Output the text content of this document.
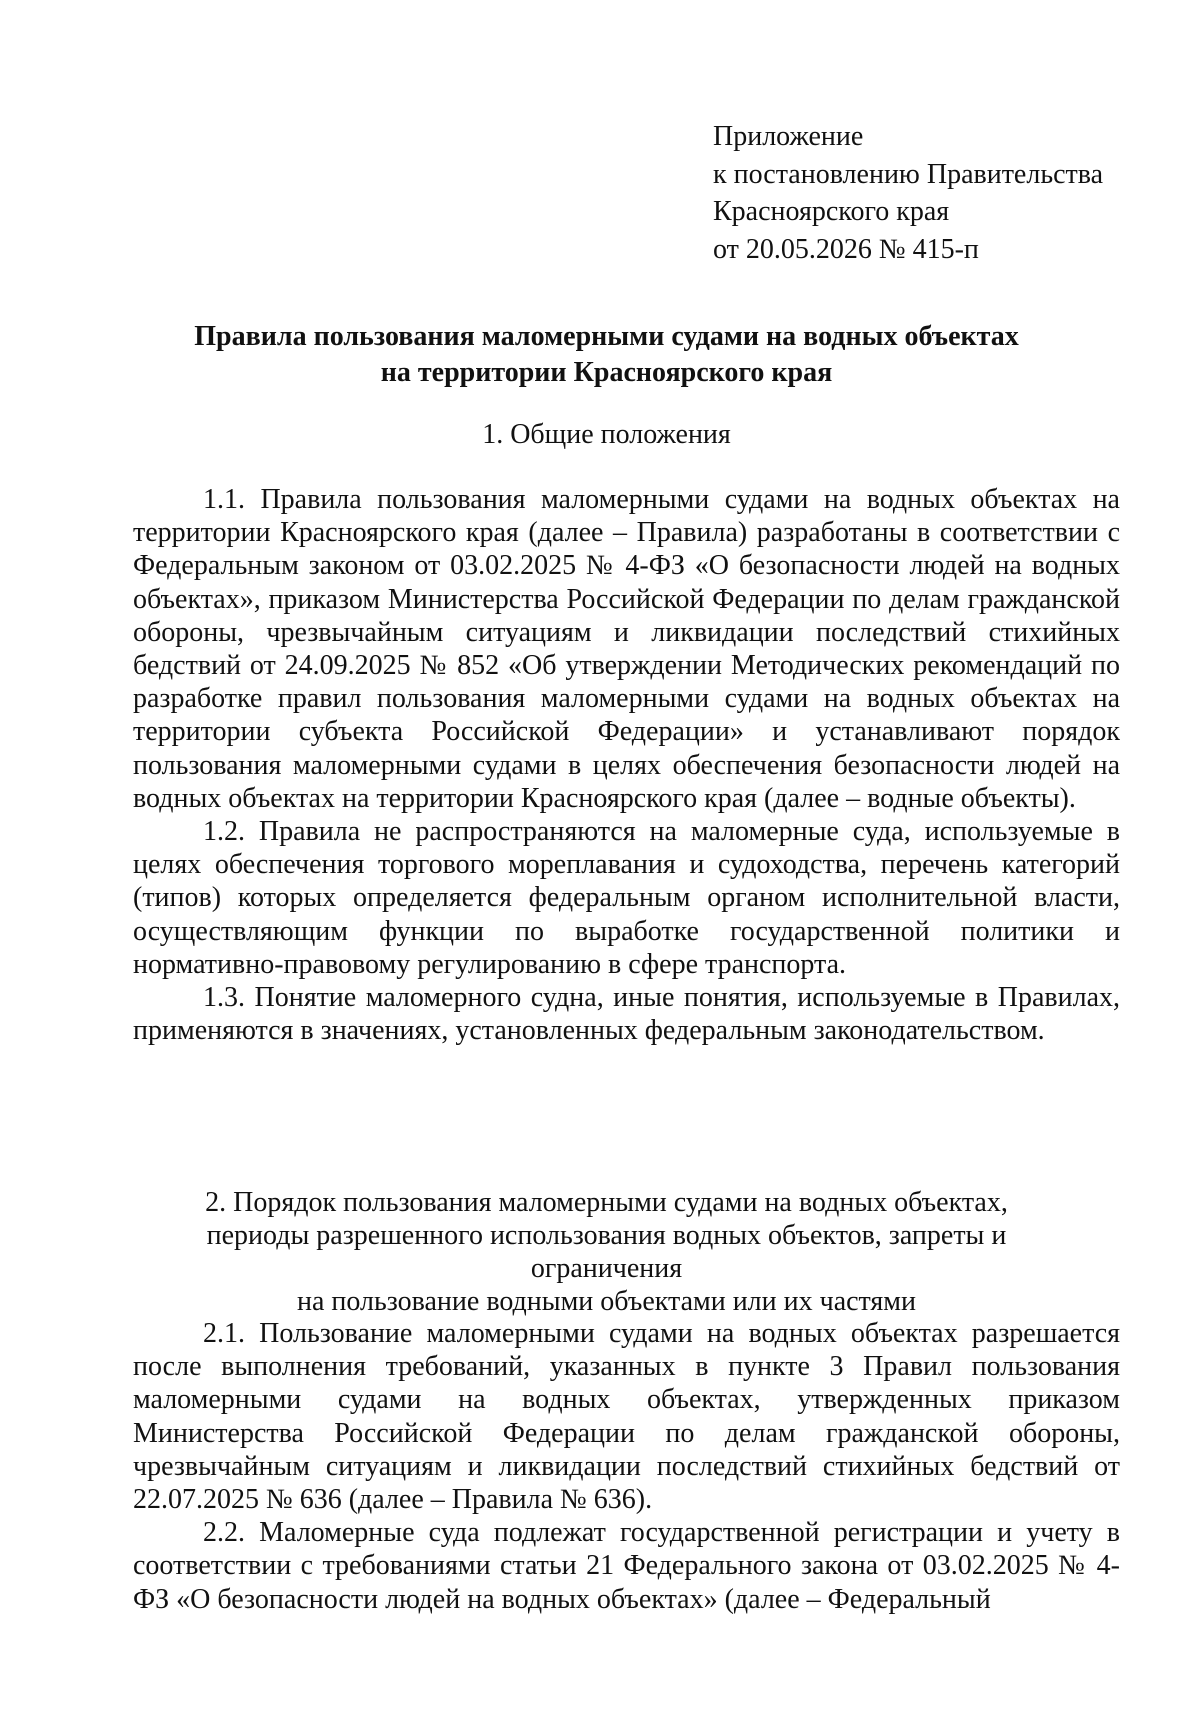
Приложение
к постановлению Правительства
Красноярского края
от 20.05.2026 № 415-п
Правила пользования маломерными судами на водных объектах
на территории Красноярского края
1. Общие положения

1.1. Правила пользования маломерными судами на водных объектах на территории Красноярского края (далее – Правила) разработаны в соответствии с Федеральным законом от 03.02.2025 № 4-ФЗ «О безопасности людей на водных объектах», приказом Министерства Российской Федерации по делам гражданской обороны, чрезвычайным ситуациям и ликвидации последствий стихийных бедствий от 24.09.2025 № 852 «Об утверждении Методических рекомендаций по разработке правил пользования маломерными судами на водных объектах на территории субъекта Российской Федерации» и устанавливают порядок пользования маломерными судами в целях обеспечения безопасности людей на водных объектах на территории Красноярского края (далее – водные объекты).

1.2. Правила не распространяются на маломерные суда, используемые в целях обеспечения торгового мореплавания и судоходства, перечень категорий (типов) которых определяется федеральным органом исполнительной власти, осуществляющим функции по выработке государственной политики и нормативно-правовому регулированию в сфере транспорта.

1.3. Понятие маломерного судна, иные понятия, используемые в Правилах, применяются в значениях, установленных федеральным законодательством.

2. Порядок пользования маломерными судами на водных объектах,
периоды разрешенного использования водных объектов, запреты и ограничения
на пользование водными объектами или их частями

2.1. Пользование маломерными судами на водных объектах разрешается после выполнения требований, указанных в пункте 3 Правил пользования маломерными судами на водных объектах, утвержденных приказом Министерства Российской Федерации по делам гражданской обороны, чрезвычайным ситуациям и ликвидации последствий стихийных бедствий от 22.07.2025 № 636 (далее – Правила № 636).

2.2. Маломерные суда подлежат государственной регистрации и учету в соответствии с требованиями статьи 21 Федерального закона от 03.02.2025 № 4-ФЗ «О безопасности людей на водных объектах» (далее – Федеральный
